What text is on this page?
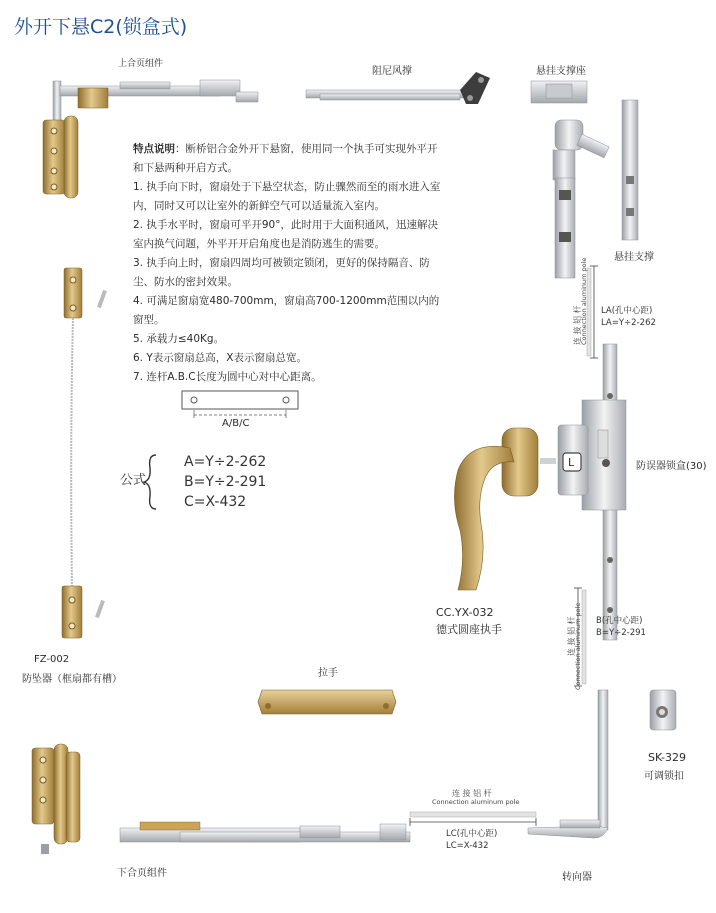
L
外开下悬C2(锁盒式)
上合页组件
阻尼风撑	悬挂支撑座
悬挂支撑

特点说明：断桥铝合金外开下悬窗，使用同一个执手可实现外平开和下悬两种开启方式。

1. 执手向下时，窗扇处于下悬空状态，防止骤然而至的雨水进入室内，同时又可以让室外的新鲜空气可以适量流入室内。

2. 执手水平时，窗扇可平开90°，此时用于大面积通风，迅速解决室内换气问题，外平开开启角度也是消防逃生的需要。

3. 执手向上时，窗扇四周均可被锁定锁闭，更好的保持隔音、防尘、防水的密封效果。

4. 可满足窗扇宽480-700mm，窗扇高700-1200mm范围以内的窗型。

5. 承载力≤40Kg。

6. Y表示窗扇总高，X表示窗扇总宽。

7. 连杆A.B.C长度为圆中心对中心距离。

A/B/C
公式
A=Y÷2-262
B=Y÷2-291
C=X-432
FZ-002
防坠器（框扇都有槽）
连 接 铝 杆
Connection aluminum pole LA(孔中心距)
LA=Y÷2-262
防误器锁盒(30)
CC.YX-032
德式圆座执手	连 接 铝 杆
Connection aluminum pole B(孔中心距)
B=Y÷2-291
拉手
SK-329
可调锁扣
连 接 铝 杆
Connection aluminum pole
LC(孔中心距)
LC=X-432
下合页组件	转向器
